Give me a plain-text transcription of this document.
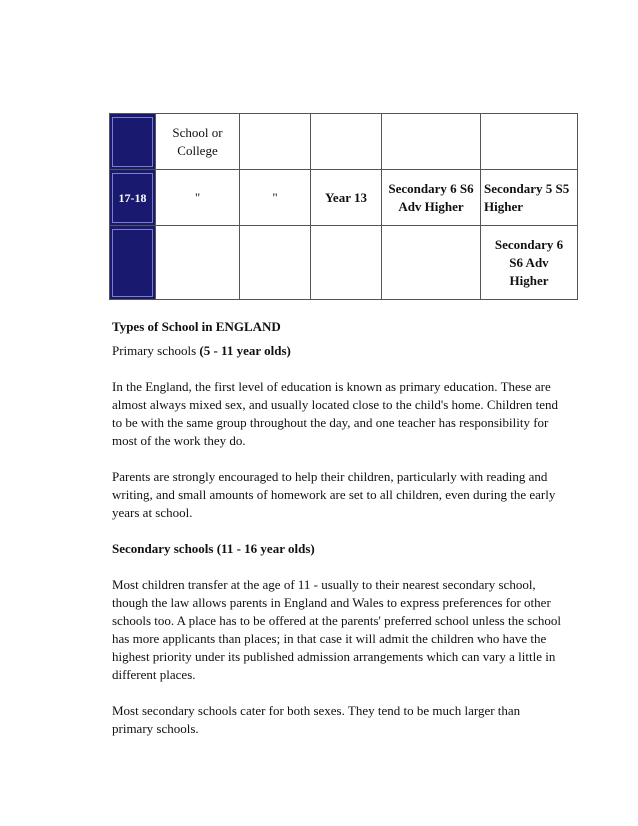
	School or College				

17-18	"	"	Year 13	Secondary 6 S6 Adv Higher	Secondary 5 S5 Higher

					Secondary 6 S6 Adv Higher

Types of School in ENGLAND

Primary schools (5 - 11 year olds)

In the England, the first level of education is known as primary education. These are almost always mixed sex, and usually located close to the child's home. Children tend to be with the same group throughout the day, and one teacher has responsibility for most of the work they do.

Parents are strongly encouraged to help their children, particularly with reading and writing, and small amounts of homework are set to all children, even during the early years at school.

Secondary schools (11 - 16 year olds)

Most children transfer at the age of 11 - usually to their nearest secondary school, though the law allows parents in England and Wales to express preferences for other schools too. A place has to be offered at the parents' preferred school unless the school has more applicants than places; in that case it will admit the children who have the highest priority under its published admission arrangements which can vary a little in different places.

Most secondary schools cater for both sexes. They tend to be much larger than primary schools.
